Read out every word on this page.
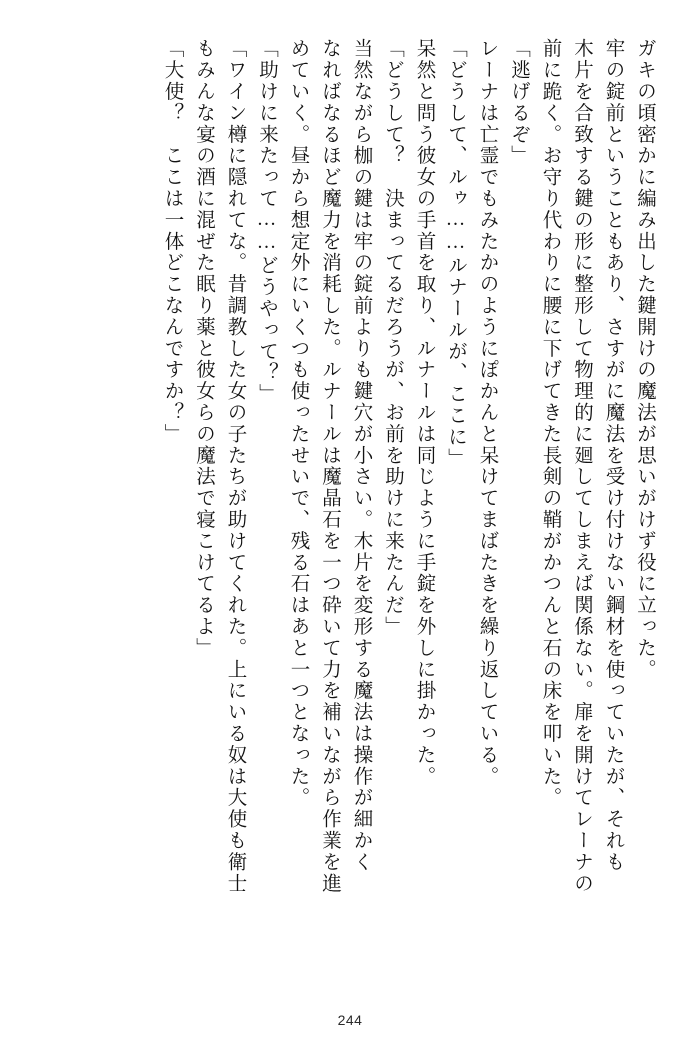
ガキの頃密かに編み出した鍵開けの魔法が思いがけず役に立った。
牢の錠前ということもあり、さすがに魔法を受け付けない鋼材を使っていたが、それも
木片を合致する鍵の形に整形して物理的に廻してしまえば関係ない。扉を開けてレーナの
前に跪く。お守り代わりに腰に下げてきた長剣の鞘がかつんと石の床を叩いた。
「逃げるぞ」
レーナは亡霊でもみたかのようにぽかんと呆けてまばたきを繰り返している。
「どうして、ルゥ……ルナールが、ここに」
呆然と問う彼女の手首を取り、ルナールは同じように手錠を外しに掛かった。
「どうして？　決まってるだろうが、お前を助けに来たんだ」
当然ながら枷の鍵は牢の錠前よりも鍵穴が小さい。木片を変形する魔法は操作が細かく
なればなるほど魔力を消耗した。ルナールは魔晶石を一つ砕いて力を補いながら作業を進
めていく。昼から想定外にいくつも使ったせいで、残る石はあと一つとなった。
「助けに来たって……どうやって？」
「ワイン樽に隠れてな。昔調教した女の子たちが助けてくれた。上にいる奴は大使も衛士
もみんな宴の酒に混ぜた眠り薬と彼女らの魔法で寝こけてるよ」
「大使？　ここは一体どこなんですか？」
244
